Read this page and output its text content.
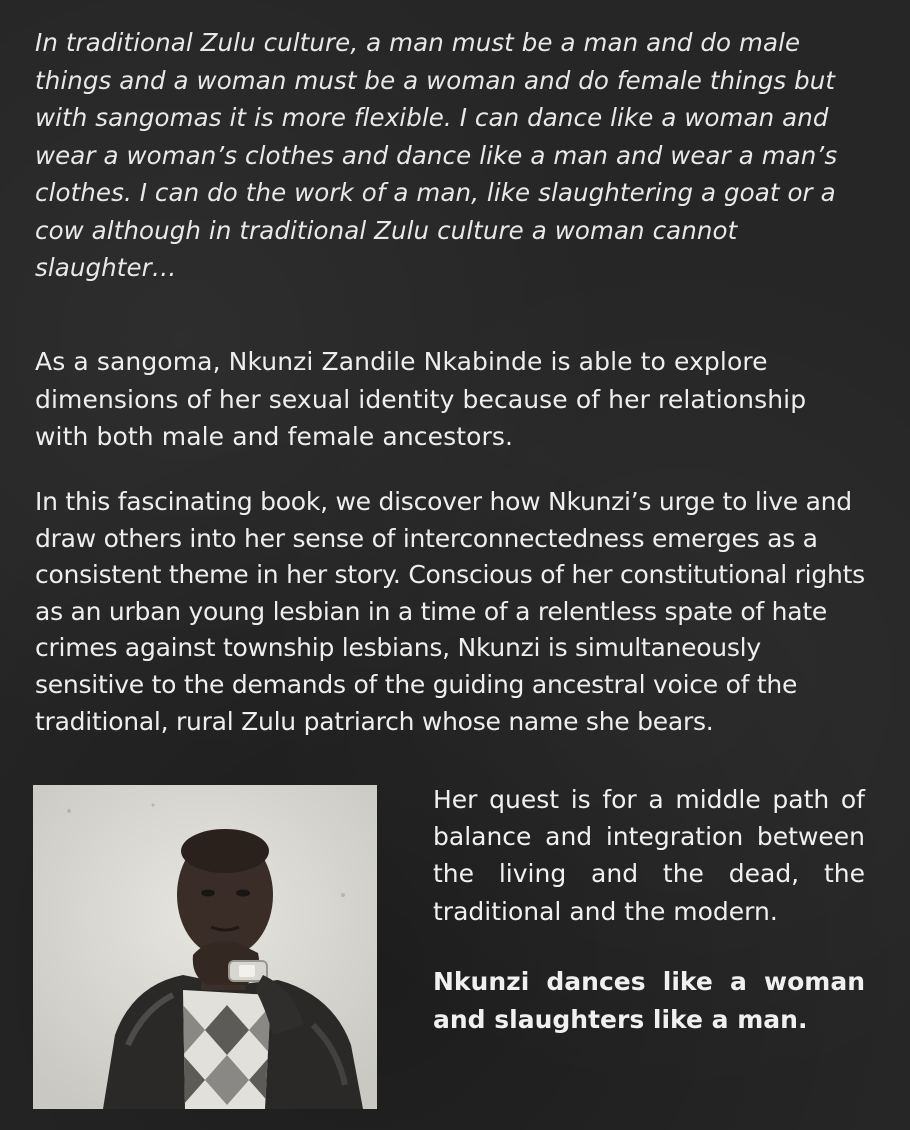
In traditional Zulu culture, a man must be a man and do male things and a woman must be a woman and do female things but with sangomas it is more flexible. I can dance like a woman and wear a woman’s clothes and dance like a man and wear a man’s clothes. I can do the work of a man, like slaughtering a goat or a cow although in traditional Zulu culture a woman cannot slaughter…

As a sangoma, Nkunzi Zandile Nkabinde is able to explore dimensions of her sexual identity because of her relationship with both male and female ancestors.

In this fascinating book, we discover how Nkunzi’s urge to live and draw others into her sense of interconnectedness emerges as a consistent theme in her story. Conscious of her constitutional rights as an urban young lesbian in a time of a relentless spate of hate crimes against township lesbians, Nkunzi is simultaneously sensitive to the demands of the guiding ancestral voice of the traditional, rural Zulu patriarch whose name she bears.

Her quest is for a middle path of balance and integration between the living and the dead, the traditional and the modern.

Nkunzi dances like a woman and slaughters like a man.
